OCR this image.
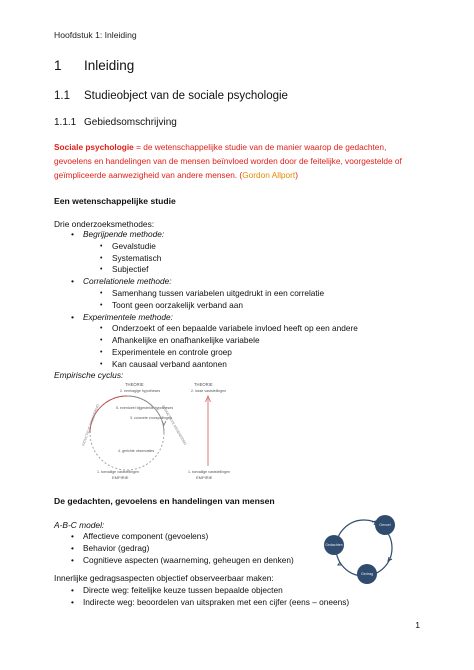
Hoofdstuk 1: Inleiding
1 Inleiding
1.1 Studieobject van de sociale psychologie
1.1.1 Gebiedsomschrijving
Sociale psychologie = de wetenschappelijke studie van de manier waarop de gedachten, gevoelens en handelingen van de mensen beïnvloed worden door de feitelijke, voorgestelde of geïmpliceerde aanwezigheid van andere mensen. (Gordon Allport)
Een wetenschappelijke studie
Drie onderzoeksmethodes:
• Begrijpende methode:
• Gevalstudie
• Systematisch
• Subjectief
• Correlationele methode:
• Samenhang tussen variabelen uitgedrukt in een correlatie
• Toont geen oorzakelijk verband aan
• Experimentele methode:
• Onderzoekt of een bepaalde variabele invloed heeft op een andere
• Afhankelijke en onafhankelijke variabele
• Experimentele en controle groep
• Kan causaal verband aantonen
Empirische cyclus:
THEORIE
2. eenhagige hypotheses
5. eventueel bijgestelde hypotheses
3. concrete voorspellingen
4. gerichte observaties
1. toevallige vaststellingen
EMPIRIE
THEORIE
2. losse vaststellingen
1. toevallige vaststellingen
EMPIRIE
INDUCTIEVE REDENERING	DEDUCTIEVE REDENERING
De gedachten, gevoelens en handelingen van mensen
A-B-C model:
• Affectieve component (gevoelens)
• Behavior (gedrag)
• Cognitieve aspecten (waarneming, geheugen en denken)
Innerlijke gedragsaspecten objectief observeerbaar maken:
• Directe weg: feitelijke keuze tussen bepaalde objecten
• Indirecte weg: beoordelen van uitspraken met een cijfer (eens – oneens)
Gevoel
Gedachten
Gedrag
1
